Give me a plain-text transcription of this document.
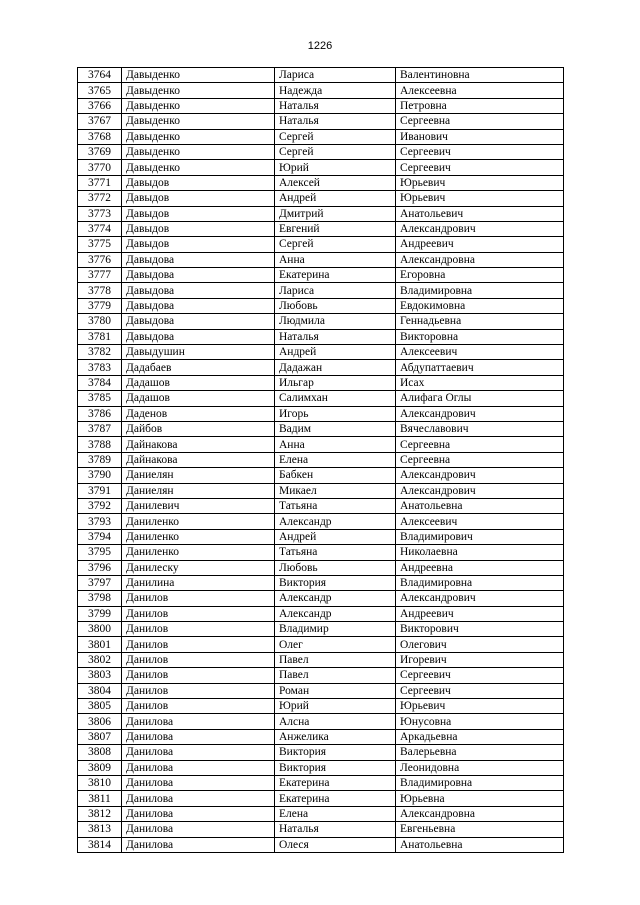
1226
3764	Давыденко	Лариса	Валентиновна
3765	Давыденко	Надежда	Алексеевна
3766	Давыденко	Наталья	Петровна
3767	Давыденко	Наталья	Сергеевна
3768	Давыденко	Сергей	Иванович
3769	Давыденко	Сергей	Сергеевич
3770	Давыденко	Юрий	Сергеевич
3771	Давыдов	Алексей	Юрьевич
3772	Давыдов	Андрей	Юрьевич
3773	Давыдов	Дмитрий	Анатольевич
3774	Давыдов	Евгений	Александрович
3775	Давыдов	Сергей	Андреевич
3776	Давыдова	Анна	Александровна
3777	Давыдова	Екатерина	Егоровна
3778	Давыдова	Лариса	Владимировна
3779	Давыдова	Любовь	Евдокимовна
3780	Давыдова	Людмила	Геннадьевна
3781	Давыдова	Наталья	Викторовна
3782	Давыдушин	Андрей	Алексеевич
3783	Дадабаев	Дадажан	Абдупаттаевич
3784	Дадашов	Ильгар	Исах
3785	Дадашов	Салимхан	Алифага Оглы
3786	Даденов	Игорь	Александрович
3787	Дайбов	Вадим	Вячеславович
3788	Дайнакова	Анна	Сергеевна
3789	Дайнакова	Елена	Сергеевна
3790	Даниелян	Бабкен	Александрович
3791	Даниелян	Микаел	Александрович
3792	Данилевич	Татьяна	Анатольевна
3793	Даниленко	Александр	Алексеевич
3794	Даниленко	Андрей	Владимирович
3795	Даниленко	Татьяна	Николаевна
3796	Данилеску	Любовь	Андреевна
3797	Данилина	Виктория	Владимировна
3798	Данилов	Александр	Александрович
3799	Данилов	Александр	Андреевич
3800	Данилов	Владимир	Викторович
3801	Данилов	Олег	Олегович
3802	Данилов	Павел	Игоревич
3803	Данилов	Павел	Сергеевич
3804	Данилов	Роман	Сергеевич
3805	Данилов	Юрий	Юрьевич
3806	Данилова	Алсна	Юнусовна
3807	Данилова	Анжелика	Аркадьевна
3808	Данилова	Виктория	Валерьевна
3809	Данилова	Виктория	Леонидовна
3810	Данилова	Екатерина	Владимировна
3811	Данилова	Екатерина	Юрьевна
3812	Данилова	Елена	Александровна
3813	Данилова	Наталья	Евгеньевна
3814	Данилова	Олеся	Анатольевна
